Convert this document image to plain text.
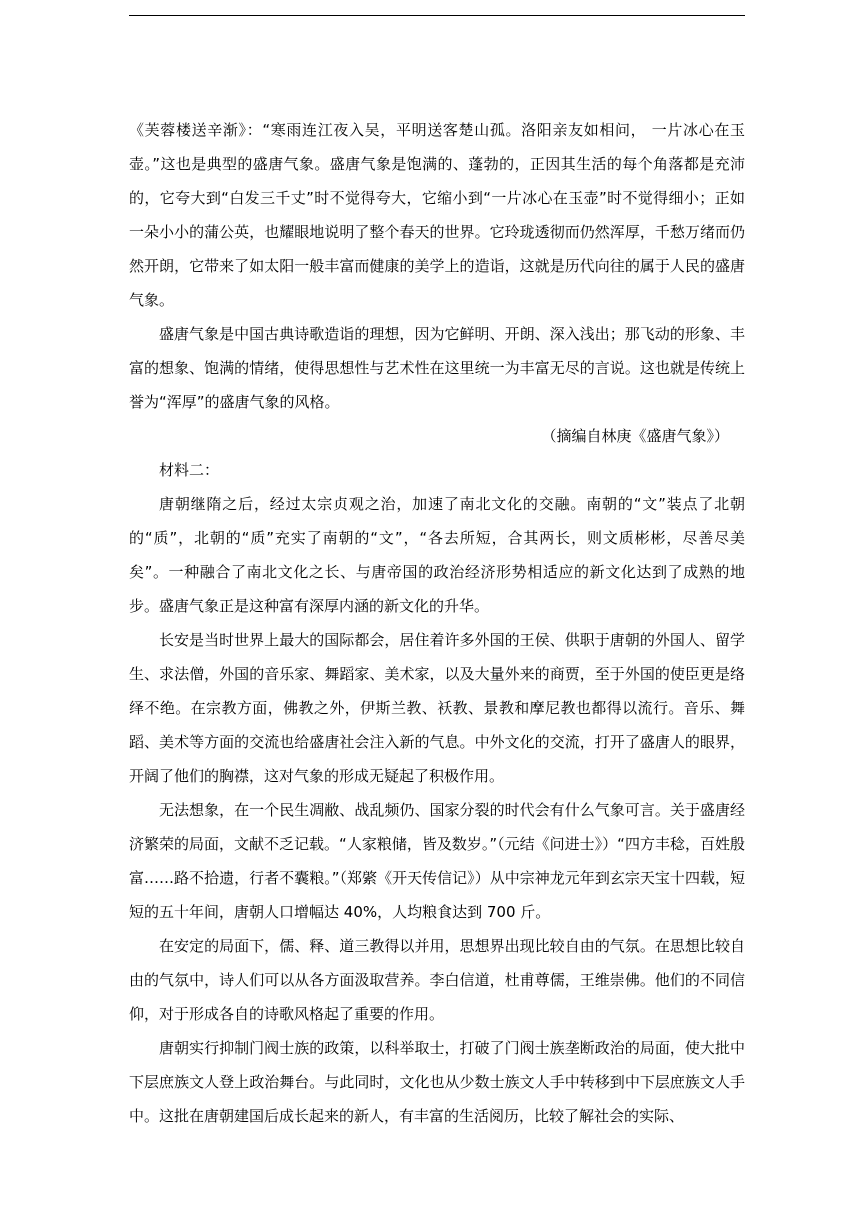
《芙蓉楼送辛渐》：“寒雨连江夜入吴，平明送客楚山孤。洛阳亲友如相问， 一片冰心在玉壶。”这也是典型的盛唐气象。盛唐气象是饱满的、蓬勃的，正因其生活的每个角落都是充沛的，它夸大到“白发三千丈”时不觉得夸大，它缩小到“一片冰心在玉壶”时不觉得细小；正如一朵小小的蒲公英，也耀眼地说明了整个春天的世界。它玲珑透彻而仍然浑厚，千愁万绪而仍然开朗，它带来了如太阳一般丰富而健康的美学上的造诣，这就是历代向往的属于人民的盛唐气象。

盛唐气象是中国古典诗歌造诣的理想，因为它鲜明、开朗、深入浅出；那飞动的形象、丰富的想象、饱满的情绪，使得思想性与艺术性在这里统一为丰富无尽的言说。这也就是传统上誉为“浑厚”的盛唐气象的风格。

（摘编自林庚《盛唐气象》）

材料二：

唐朝继隋之后，经过太宗贞观之治，加速了南北文化的交融。南朝的“文”装点了北朝的“质”，北朝的“质”充实了南朝的“文”，“各去所短，合其两长，则文质彬彬，尽善尽美矣”。一种融合了南北文化之长、与唐帝国的政治经济形势相适应的新文化达到了成熟的地步。盛唐气象正是这种富有深厚内涵的新文化的升华。

长安是当时世界上最大的国际都会，居住着许多外国的王侯、供职于唐朝的外国人、留学生、求法僧，外国的音乐家、舞蹈家、美术家，以及大量外来的商贾，至于外国的使臣更是络绎不绝。在宗教方面，佛教之外，伊斯兰教、袄教、景教和摩尼教也都得以流行。音乐、舞蹈、美术等方面的交流也给盛唐社会注入新的气息。中外文化的交流，打开了盛唐人的眼界，开阔了他们的胸襟，这对气象的形成无疑起了积极作用。

无法想象，在一个民生凋敝、战乱频仍、国家分裂的时代会有什么气象可言。关于盛唐经济繁荣的局面，文献不乏记载。“人家粮储，皆及数岁。”（元结《问进士》）“四方丰稔，百姓殷富……路不拾遗，行者不囊粮。”（郑綮《开天传信记》）从中宗神龙元年到玄宗天宝十四载，短短的五十年间，唐朝人口增幅达 40%，人均粮食达到 700 斤。

在安定的局面下，儒、释、道三教得以并用，思想界出现比较自由的气氛。在思想比较自由的气氛中，诗人们可以从各方面汲取营养。李白信道，杜甫尊儒，王维崇佛。他们的不同信仰，对于形成各自的诗歌风格起了重要的作用。

唐朝实行抑制门阀士族的政策，以科举取士，打破了门阀士族垄断政治的局面，使大批中下层庶族文人登上政治舞台。与此同时，文化也从少数士族文人手中转移到中下层庶族文人手中。这批在唐朝建国后成长起来的新人，有丰富的生活阅历，比较了解社会的实际、
